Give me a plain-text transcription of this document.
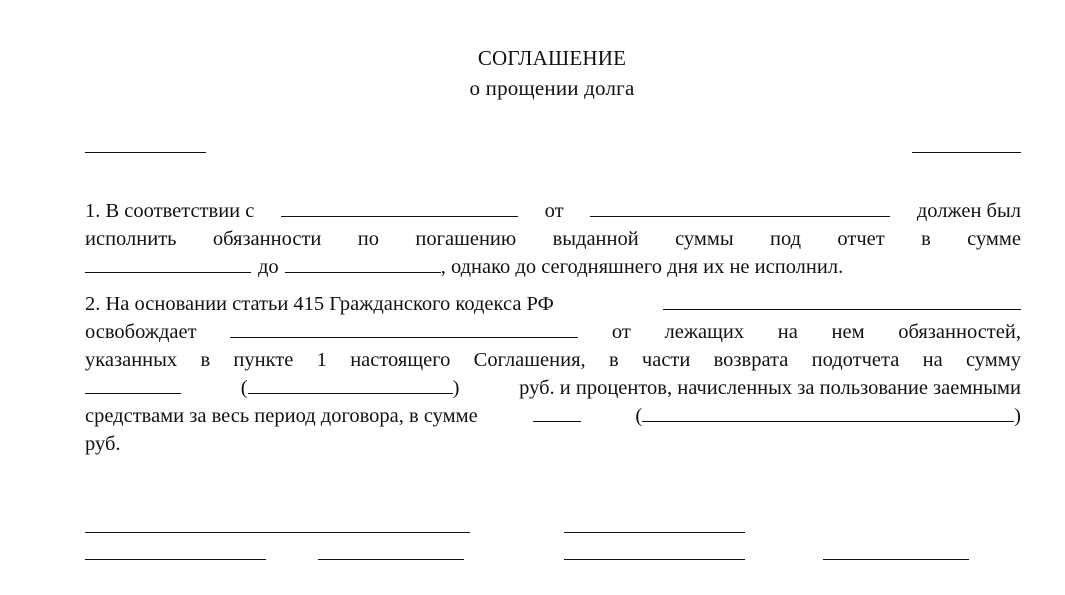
СОГЛАШЕНИЕ
о прощении долга
1. В соответствии с	от	должен был
исполнить обязанности по погашению выданной суммы под отчет в сумме
до	, однако до сегодняшнего дня их не исполнил.
2. На основании статьи 415 Гражданского кодекса РФ
освобождает	от лежащих на нем обязанностей,
указанных в пункте 1 настоящего Соглашения, в части возврата подотчета на сумму
(	)	руб. и процентов, начисленных за пользование заемными
средствами за весь период договора, в сумме	(	)
руб.
